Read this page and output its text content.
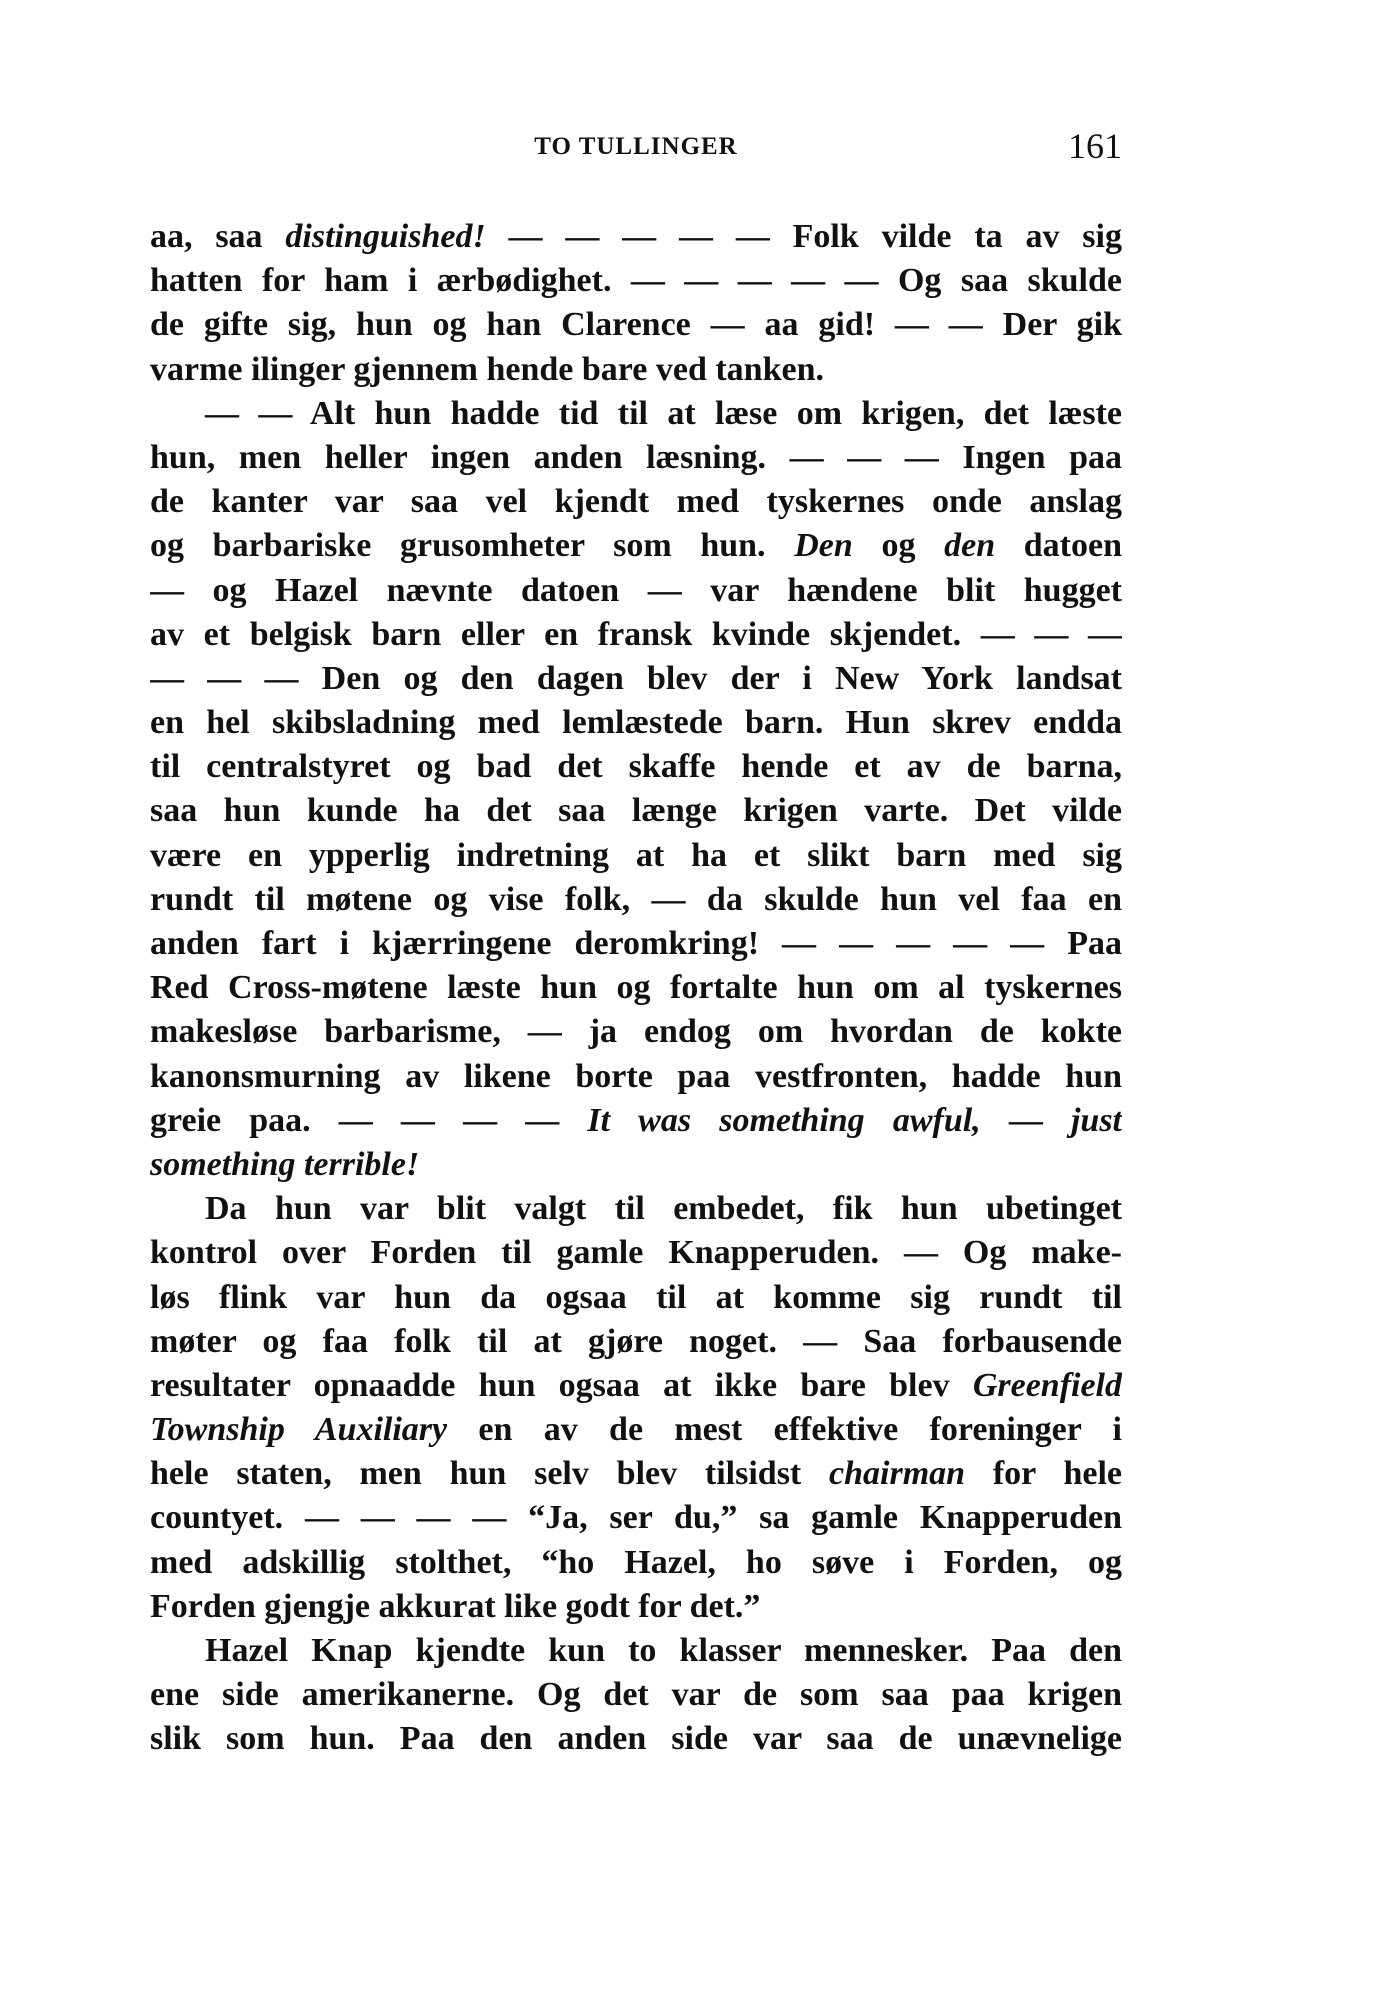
TO TULLINGER	161
aa, saa distinguished! — — — — — Folk vilde ta av sig
hatten for ham i ærbødighet. — — — — — Og saa skulde
de gifte sig, hun og han Clarence — aa gid! — — Der gik
varme ilinger gjennem hende bare ved tanken.
— — Alt hun hadde tid til at læse om krigen, det læste
hun, men heller ingen anden læsning. — — — Ingen paa
de kanter var saa vel kjendt med tyskernes onde anslag
og barbariske grusomheter som hun. Den og den datoen
— og Hazel nævnte datoen — var hændene blit hugget
av et belgisk barn eller en fransk kvinde skjendet. — — —
— — — Den og den dagen blev der i New York landsat
en hel skibsladning med lemlæstede barn. Hun skrev endda
til centralstyret og bad det skaffe hende et av de barna,
saa hun kunde ha det saa længe krigen varte. Det vilde
være en ypperlig indretning at ha et slikt barn med sig
rundt til møtene og vise folk, — da skulde hun vel faa en
anden fart i kjærringene deromkring! — — — — — Paa
Red Cross-møtene læste hun og fortalte hun om al tyskernes
makesløse barbarisme, — ja endog om hvordan de kokte
kanonsmurning av likene borte paa vestfronten, hadde hun
greie paa. — — — — It was something awful, — just
something terrible!
Da hun var blit valgt til embedet, fik hun ubetinget
kontrol over Forden til gamle Knapperuden. — Og make-
løs flink var hun da ogsaa til at komme sig rundt til
møter og faa folk til at gjøre noget. — Saa forbausende
resultater opnaadde hun ogsaa at ikke bare blev Greenfield
Township Auxiliary en av de mest effektive foreninger i
hele staten, men hun selv blev tilsidst chairman for hele
countyet. — — — — “Ja, ser du,” sa gamle Knapperuden
med adskillig stolthet, “ho Hazel, ho søve i Forden, og
Forden gjengje akkurat like godt for det.”
Hazel Knap kjendte kun to klasser mennesker. Paa den
ene side amerikanerne. Og det var de som saa paa krigen
slik som hun. Paa den anden side var saa de unævnelige
